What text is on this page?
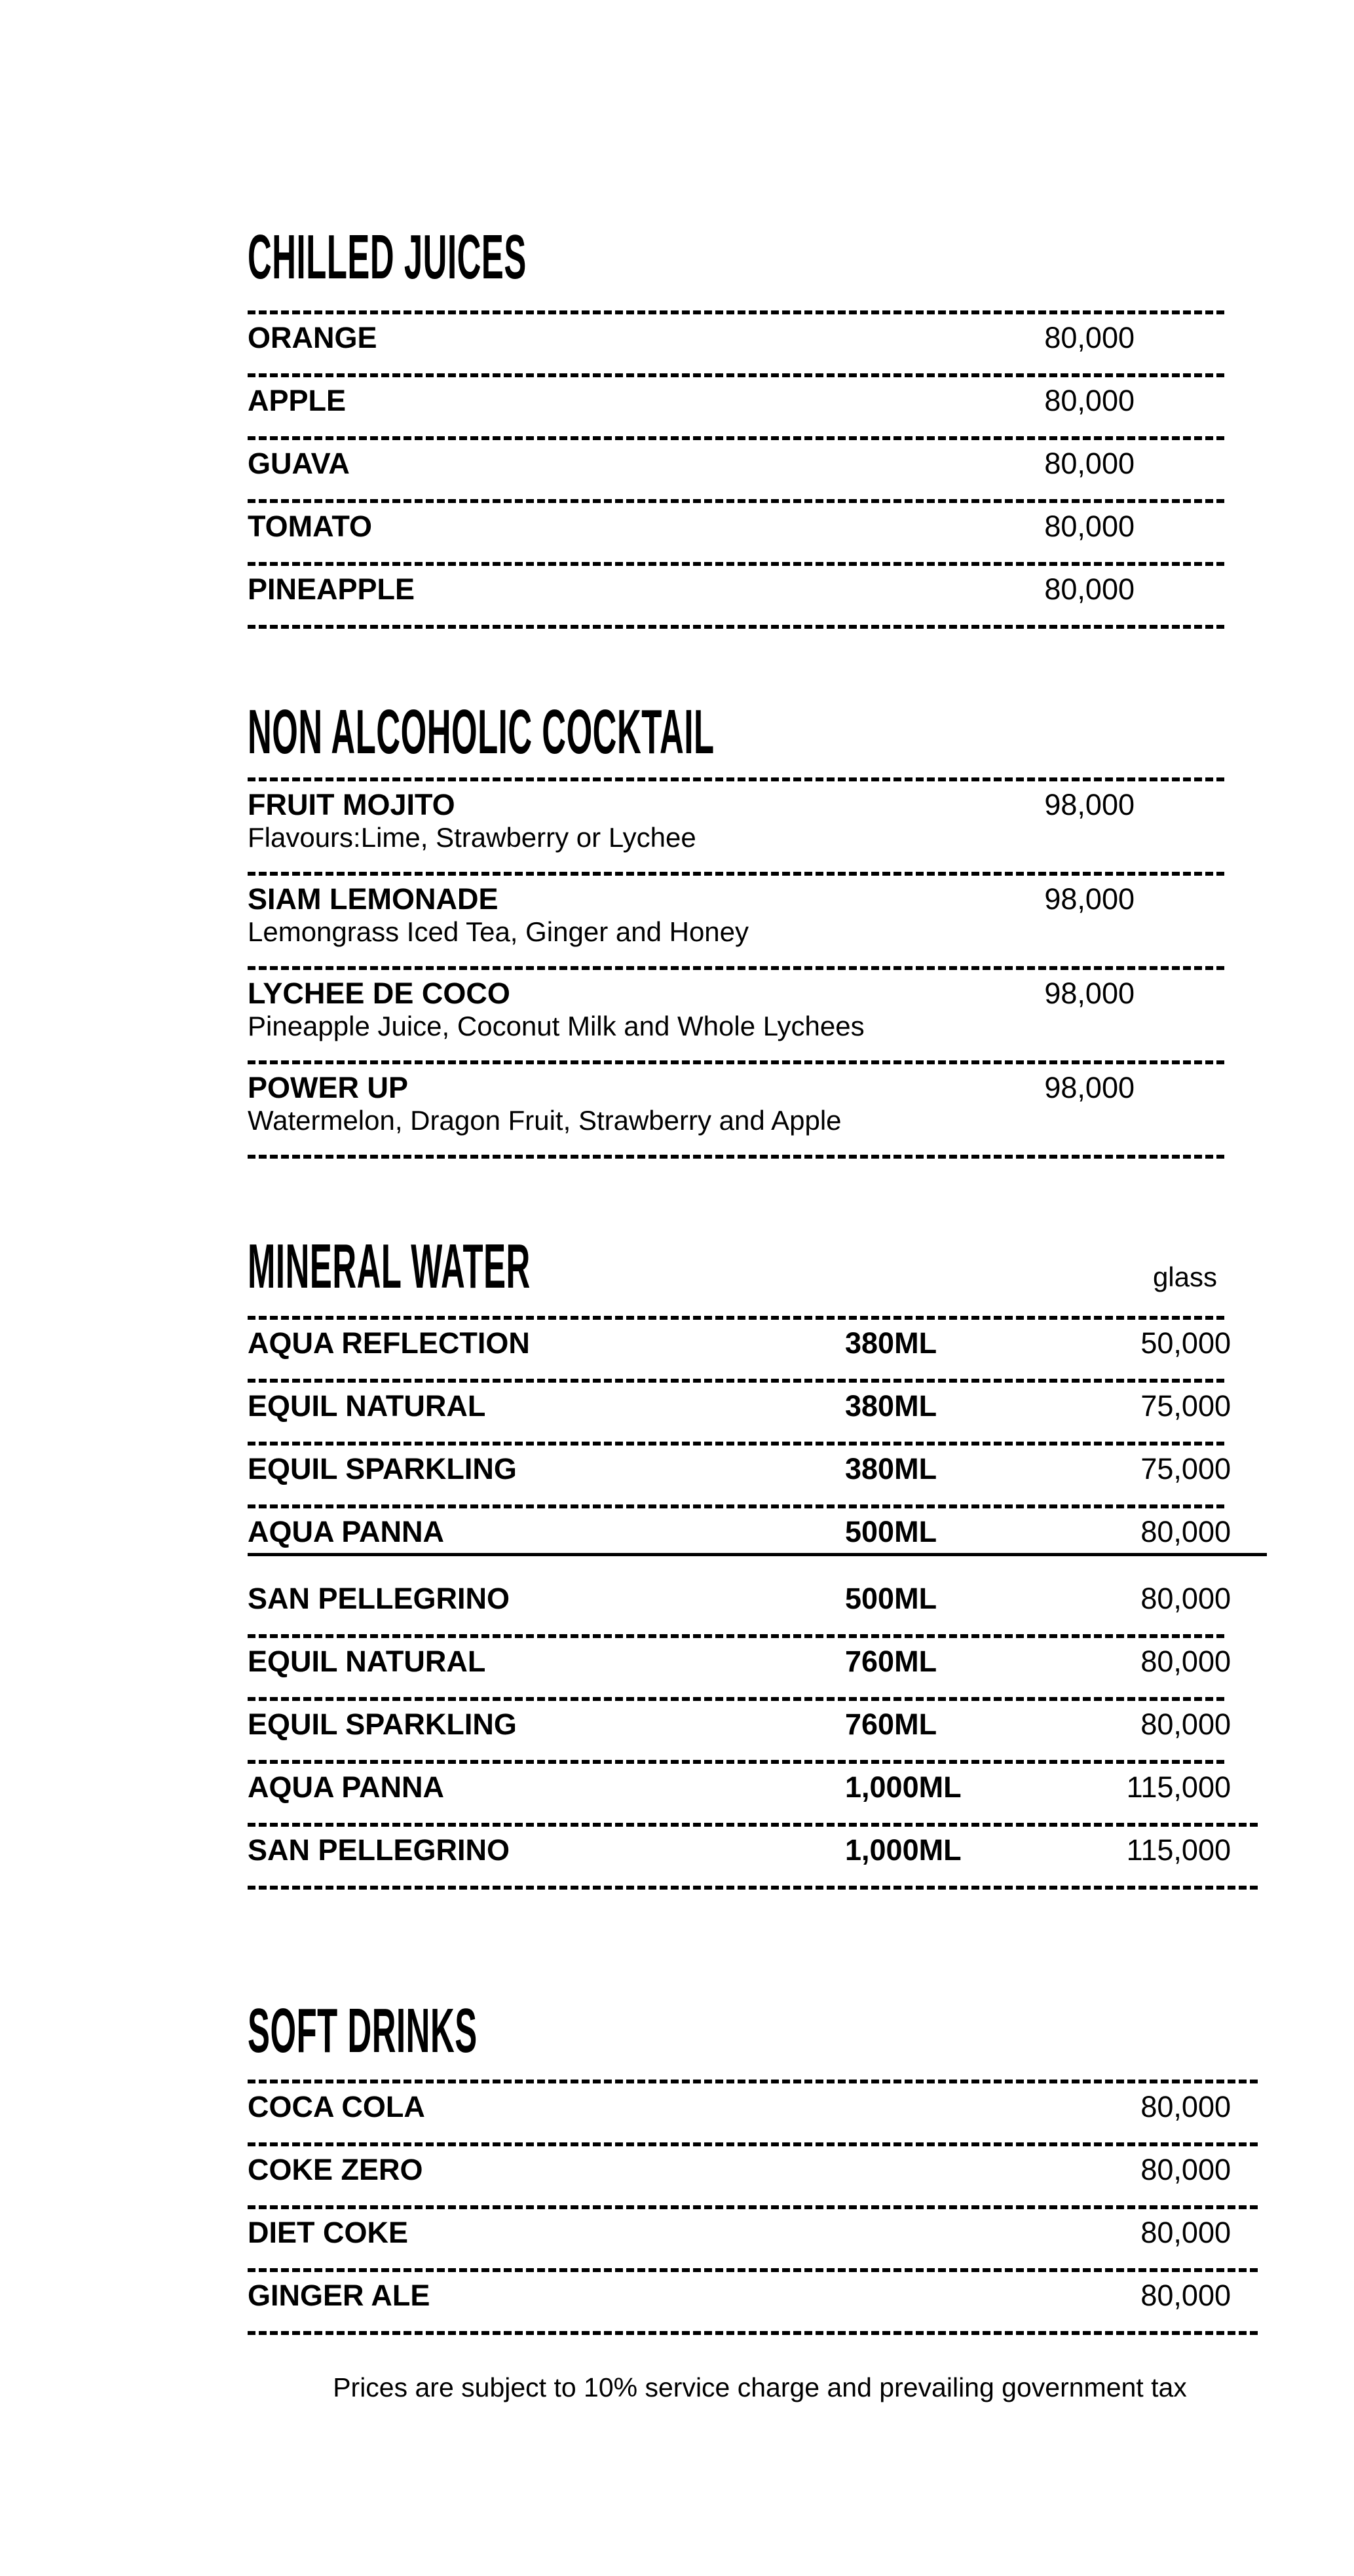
CHILLED JUICES
ORANGE	80,000
APPLE	80,000
GUAVA	80,000
TOMATO	80,000
PINEAPPLE	80,000
NON ALCOHOLIC COCKTAIL
FRUIT MOJITO	98,000
Flavours:Lime, Strawberry or Lychee
SIAM LEMONADE	98,000
Lemongrass Iced Tea, Ginger and Honey
LYCHEE DE COCO	98,000
Pineapple Juice, Coconut Milk and Whole Lychees
POWER UP	98,000
Watermelon, Dragon Fruit, Strawberry and Apple
MINERAL WATER	glass
AQUA REFLECTION	380ML	50,000
EQUIL NATURAL	380ML	75,000
EQUIL SPARKLING	380ML	75,000
AQUA PANNA	500ML	80,000
SAN PELLEGRINO	500ML	80,000
EQUIL NATURAL	760ML	80,000
EQUIL SPARKLING	760ML	80,000
AQUA PANNA	1,000ML	115,000
SAN PELLEGRINO	1,000ML	115,000
SOFT DRINKS
COCA COLA	80,000
COKE ZERO	80,000
DIET COKE	80,000
GINGER ALE	80,000
Prices are subject to 10% service charge and prevailing government tax
